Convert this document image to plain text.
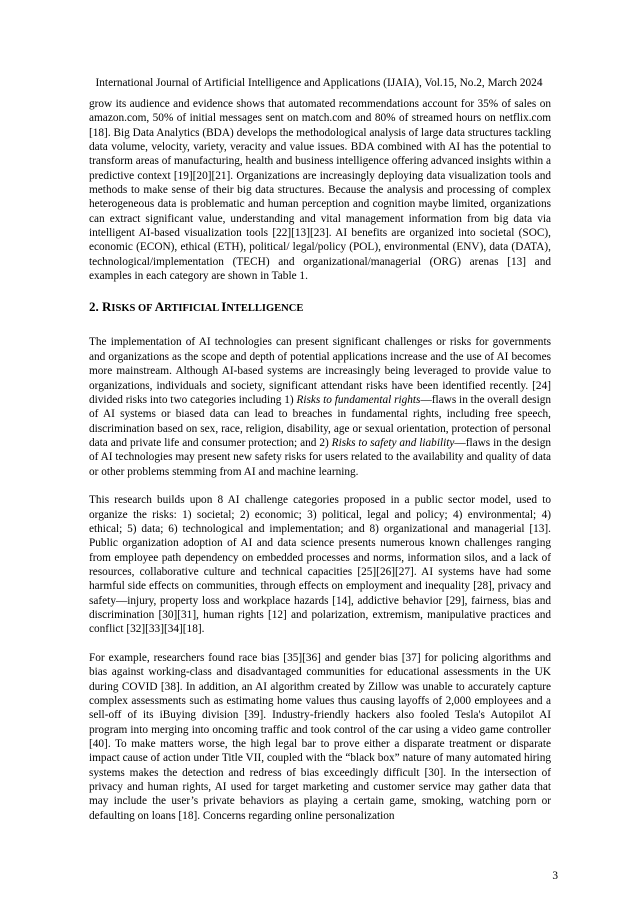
International Journal of Artificial Intelligence and Applications (IJAIA), Vol.15, No.2, March 2024

grow its audience and evidence shows that automated recommendations account for 35% of sales on amazon.com, 50% of initial messages sent on match.com and 80% of streamed hours on netflix.com [18]. Big Data Analytics (BDA) develops the methodological analysis of large data structures tackling data volume, velocity, variety, veracity and value issues. BDA combined with AI has the potential to transform areas of manufacturing, health and business intelligence offering advanced insights within a predictive context [19][20][21]. Organizations are increasingly deploying data visualization tools and methods to make sense of their big data structures. Because the analysis and processing of complex heterogeneous data is problematic and human perception and cognition maybe limited, organizations can extract significant value, understanding and vital management information from big data via intelligent AI-based visualization tools [22][13][23]. AI benefits are organized into societal (SOC), economic (ECON), ethical (ETH), political/ legal/policy (POL), environmental (ENV), data (DATA), technological/implementation (TECH) and organizational/managerial (ORG) arenas [13] and examples in each category are shown in Table 1.

2. RISKS OF ARTIFICIAL INTELLIGENCE

The implementation of AI technologies can present significant challenges or risks for governments and organizations as the scope and depth of potential applications increase and the use of AI becomes more mainstream. Although AI-based systems are increasingly being leveraged to provide value to organizations, individuals and society, significant attendant risks have been identified recently. [24] divided risks into two categories including 1) Risks to fundamental rights—flaws in the overall design of AI systems or biased data can lead to breaches in fundamental rights, including free speech, discrimination based on sex, race, religion, disability, age or sexual orientation, protection of personal data and private life and consumer protection; and 2) Risks to safety and liability—flaws in the design of AI technologies may present new safety risks for users related to the availability and quality of data or other problems stemming from AI and machine learning.

This research builds upon 8 AI challenge categories proposed in a public sector model, used to organize the risks: 1) societal; 2) economic; 3) political, legal and policy; 4) environmental; 4) ethical; 5) data; 6) technological and implementation; and 8) organizational and managerial [13]. Public organization adoption of AI and data science presents numerous known challenges ranging from employee path dependency on embedded processes and norms, information silos, and a lack of resources, collaborative culture and technical capacities [25][26][27]. AI systems have had some harmful side effects on communities, through effects on employment and inequality [28], privacy and safety—injury, property loss and workplace hazards [14], addictive behavior [29], fairness, bias and discrimination [30][31], human rights [12] and polarization, extremism, manipulative practices and conflict [32][33][34][18].

For example, researchers found race bias [35][36] and gender bias [37] for policing algorithms and bias against working-class and disadvantaged communities for educational assessments in the UK during COVID [38]. In addition, an AI algorithm created by Zillow was unable to accurately capture complex assessments such as estimating home values thus causing layoffs of 2,000 employees and a sell-off of its iBuying division [39]. Industry-friendly hackers also fooled Tesla's Autopilot AI program into merging into oncoming traffic and took control of the car using a video game controller [40]. To make matters worse, the high legal bar to prove either a disparate treatment or disparate impact cause of action under Title VII, coupled with the “black box” nature of many automated hiring systems makes the detection and redress of bias exceedingly difficult [30]. In the intersection of privacy and human rights, AI used for target marketing and customer service may gather data that may include the user’s private behaviors as playing a certain game, smoking, watching porn or defaulting on loans [18]. Concerns regarding online personalization

3
